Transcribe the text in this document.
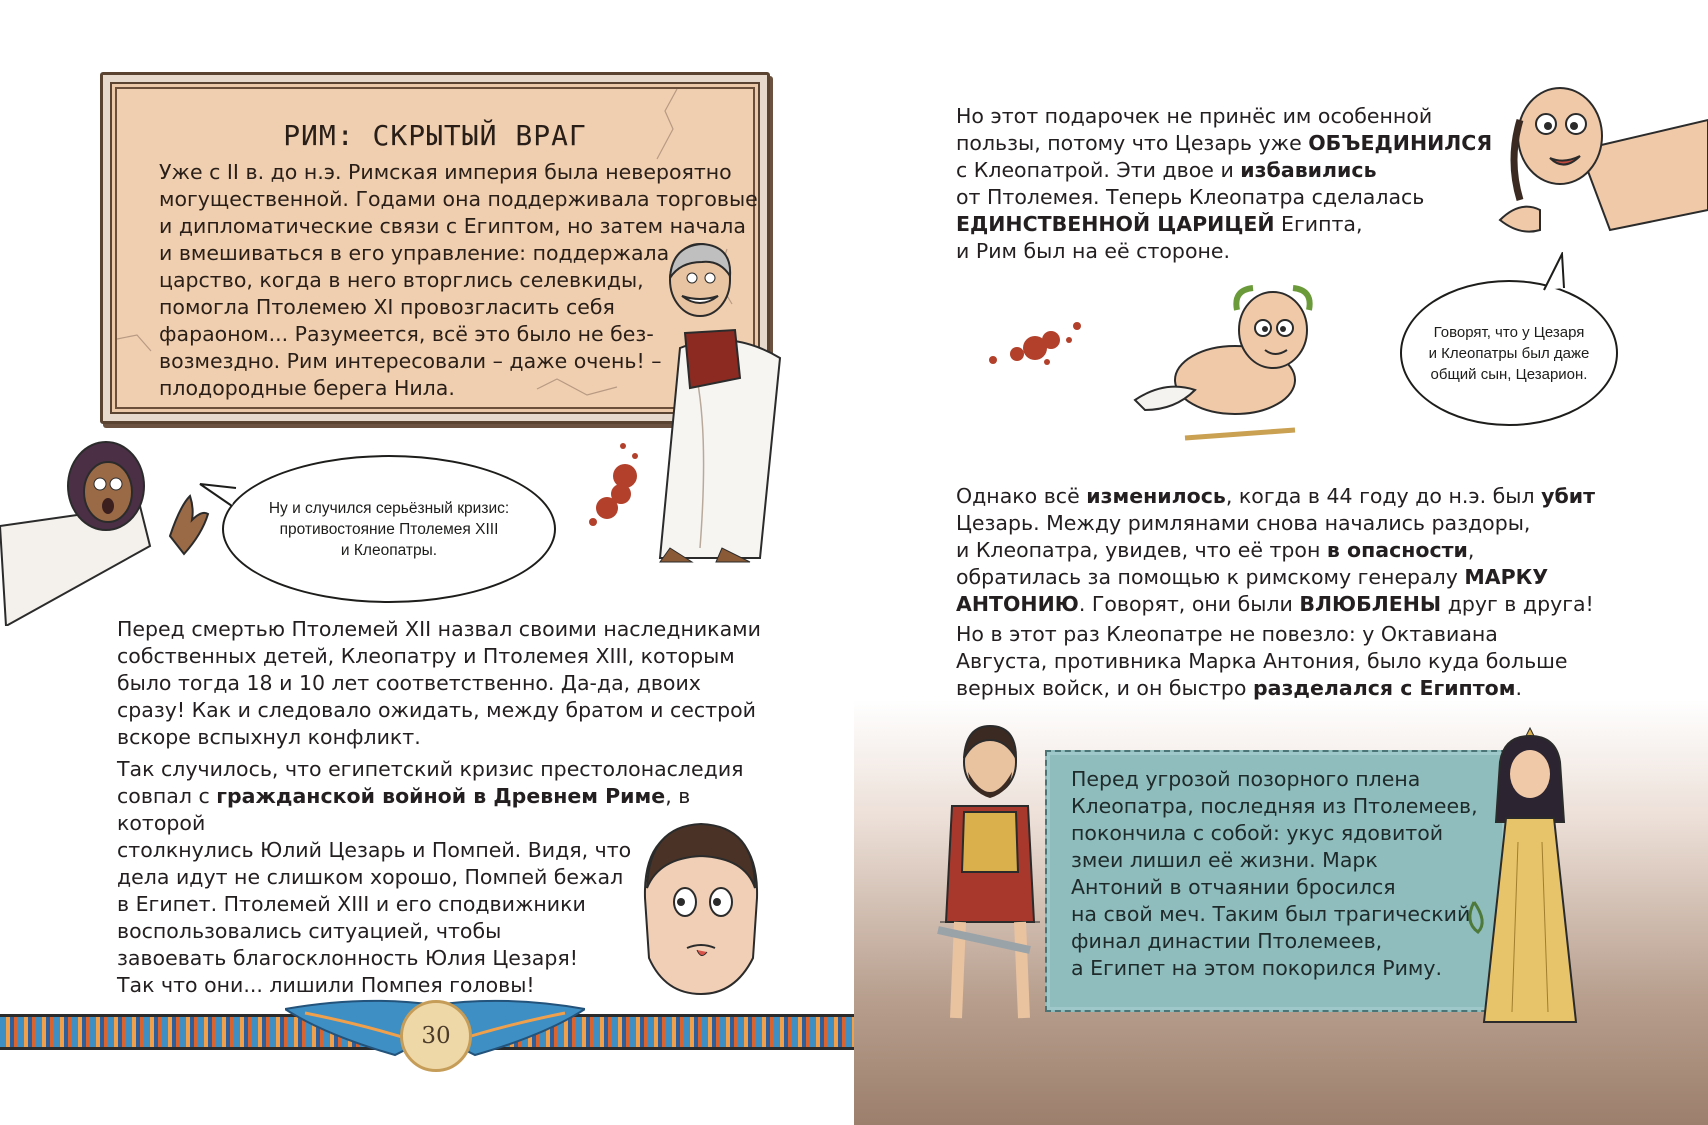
РИМ: СКРЫТЫЙ ВРАГ
Уже с II в. до н.э. Римская империя была невероятно
могущественной. Годами она поддерживала торговые
и дипломатические связи с Египтом, но затем начала
и вмешиваться в его управление: поддержала
царство, когда в него вторглись селевкиды,
помогла Птолемею XI провозгласить себя
фараоном... Разумеется, всё это было не без-
возмездно. Рим интересовали – даже очень! –
плодородные берега Нила.
Ну и случился серьёзный кризис:
противостояние Птолемея XIII
и Клеопатры.
Перед смертью Птолемей XII назвал своими наследниками
собственных детей, Клеопатру и Птолемея XIII, которым
было тогда 18 и 10 лет соответственно. Да-да, двоих
сразу! Как и следовало ожидать, между братом и сестрой
вскоре вспыхнул конфликт.
Так случилось, что египетский кризис престолонаследия
совпал с гражданской войной в Древнем Риме, в которой
столкнулись Юлий Цезарь и Помпей. Видя, что
дела идут не слишком хорошо, Помпей бежал
в Египет. Птолемей XIII и его сподвижники
воспользовались ситуацией, чтобы
завоевать благосклонность Юлия Цезаря!
Так что они... лишили Помпея головы!
30
Но этот подарочек не принёс им особенной
пользы, потому что Цезарь уже ОБЪЕДИНИЛСЯ
с Клеопатрой. Эти двое и избавились
от Птолемея. Теперь Клеопатра сделалась
ЕДИНСТВЕННОЙ ЦАРИЦЕЙ Египта,
и Рим был на её стороне.
Говорят, что у Цезаря
и Клеопатры был даже
общий сын, Цезарион.
Однако всё изменилось, когда в 44 году до н.э. был убит
Цезарь. Между римлянами снова начались раздоры,
и Клеопатра, увидев, что её трон в опасности,
обратилась за помощью к римскому генералу МАРКУ
АНТОНИЮ. Говорят, они были ВЛЮБЛЕНЫ друг в друга!
Но в этот раз Клеопатре не повезло: у Октавиана
Августа, противника Марка Антония, было куда больше
верных войск, и он быстро разделался с Египтом.
Перед угрозой позорного плена
Клеопатра, последняя из Птолемеев,
покончила с собой: укус ядовитой
змеи лишил её жизни. Марк
Антоний в отчаянии бросился
на свой меч. Таким был трагический
финал династии Птолемеев,
а Египет на этом покорился Риму.
